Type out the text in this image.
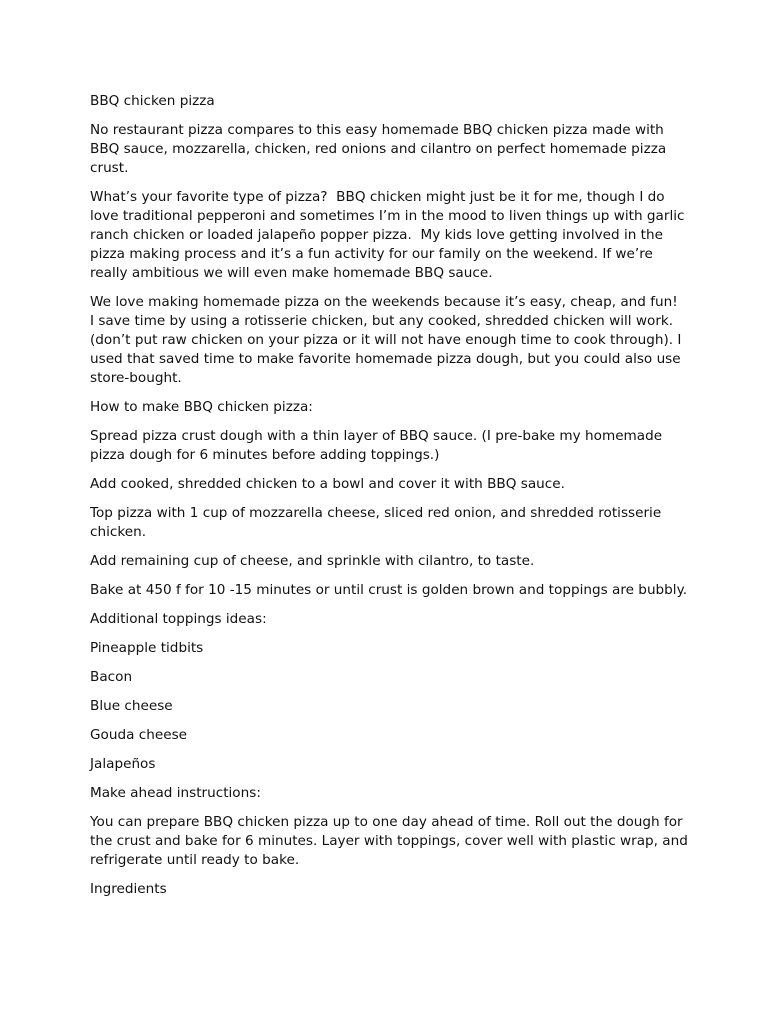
BBQ chicken pizza

No restaurant pizza compares to this easy homemade BBQ chicken pizza made with BBQ sauce, mozzarella, chicken, red onions and cilantro on perfect homemade pizza crust.

What’s your favorite type of pizza?  BBQ chicken might just be it for me, though I do love traditional pepperoni and sometimes I’m in the mood to liven things up with garlic ranch chicken or loaded jalapeño popper pizza.  My kids love getting involved in the pizza making process and it’s a fun activity for our family on the weekend. If we’re really ambitious we will even make homemade BBQ sauce.

We love making homemade pizza on the weekends because it’s easy, cheap, and fun!  I save time by using a rotisserie chicken, but any cooked, shredded chicken will work. (don’t put raw chicken on your pizza or it will not have enough time to cook through). I used that saved time to make favorite homemade pizza dough, but you could also use store-bought.

How to make BBQ chicken pizza:

Spread pizza crust dough with a thin layer of BBQ sauce. (I pre-bake my homemade pizza dough for 6 minutes before adding toppings.)

Add cooked, shredded chicken to a bowl and cover it with BBQ sauce.

Top pizza with 1 cup of mozzarella cheese, sliced red onion, and shredded rotisserie chicken.

Add remaining cup of cheese, and sprinkle with cilantro, to taste.

Bake at 450 f for 10 -15 minutes or until crust is golden brown and toppings are bubbly.

Additional toppings ideas:

Pineapple tidbits

Bacon

Blue cheese

Gouda cheese

Jalapeños

Make ahead instructions:

You can prepare BBQ chicken pizza up to one day ahead of time. Roll out the dough for the crust and bake for 6 minutes. Layer with toppings, cover well with plastic wrap, and refrigerate until ready to bake.

Ingredients
